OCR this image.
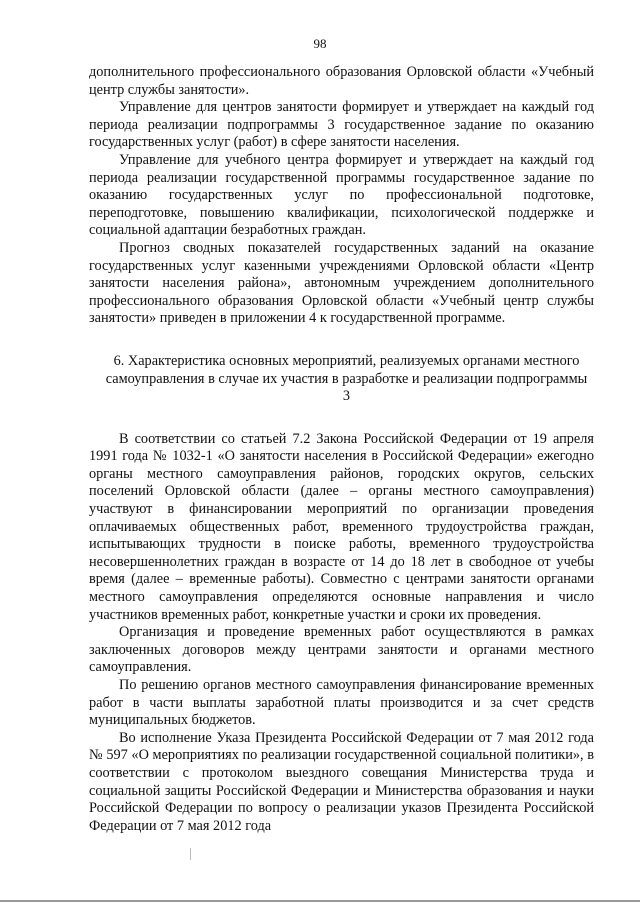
98

дополнительного профессионального образования Орловской области «Учебный центр службы занятости».

Управление для центров занятости формирует и утверждает на каждый год периода реализации подпрограммы 3 государственное задание по оказанию государственных услуг (работ) в сфере занятости населения.

Управление для учебного центра формирует и утверждает на каждый год периода реализации государственной программы государственное задание по оказанию государственных услуг по профессиональной подготовке, переподготовке, повышению квалификации, психологической поддержке и социальной адаптации безработных граждан.

Прогноз сводных показателей государственных заданий на оказание государственных услуг казенными учреждениями Орловской области «Центр занятости населения района», автономным учреждением дополнительного профессионального образования Орловской области «Учебный центр службы занятости» приведен в приложении 4 к государственной программе.

6. Характеристика основных мероприятий, реализуемых органами местного самоуправления в случае их участия в разработке и реализации подпрограммы 3

В соответствии со статьей 7.2 Закона Российской Федерации от 19 апреля 1991 года № 1032-1 «О занятости населения в Российской Федерации» ежегодно органы местного самоуправления районов, городских округов, сельских поселений Орловской области (далее – органы местного самоуправления) участвуют в финансировании мероприятий по организации проведения оплачиваемых общественных работ, временного трудоустройства граждан, испытывающих трудности в поиске работы, временного трудоустройства несовершеннолетних граждан в возрасте от 14 до 18 лет в свободное от учебы время (далее – временные работы). Совместно с центрами занятости органами местного самоуправления определяются основные направления и число участников временных работ, конкретные участки и сроки их проведения.

Организация и проведение временных работ осуществляются в рамках заключенных договоров между центрами занятости и органами местного самоуправления.

По решению органов местного самоуправления финансирование временных работ в части выплаты заработной платы производится и за счет средств муниципальных бюджетов.

Во исполнение Указа Президента Российской Федерации от 7 мая 2012 года № 597 «О мероприятиях по реализации государственной социальной политики», в соответствии с протоколом выездного совещания Министерства труда и социальной защиты Российской Федерации и Министерства образования и науки Российской Федерации по вопросу о реализации указов Президента Российской Федерации от 7 мая 2012 года
